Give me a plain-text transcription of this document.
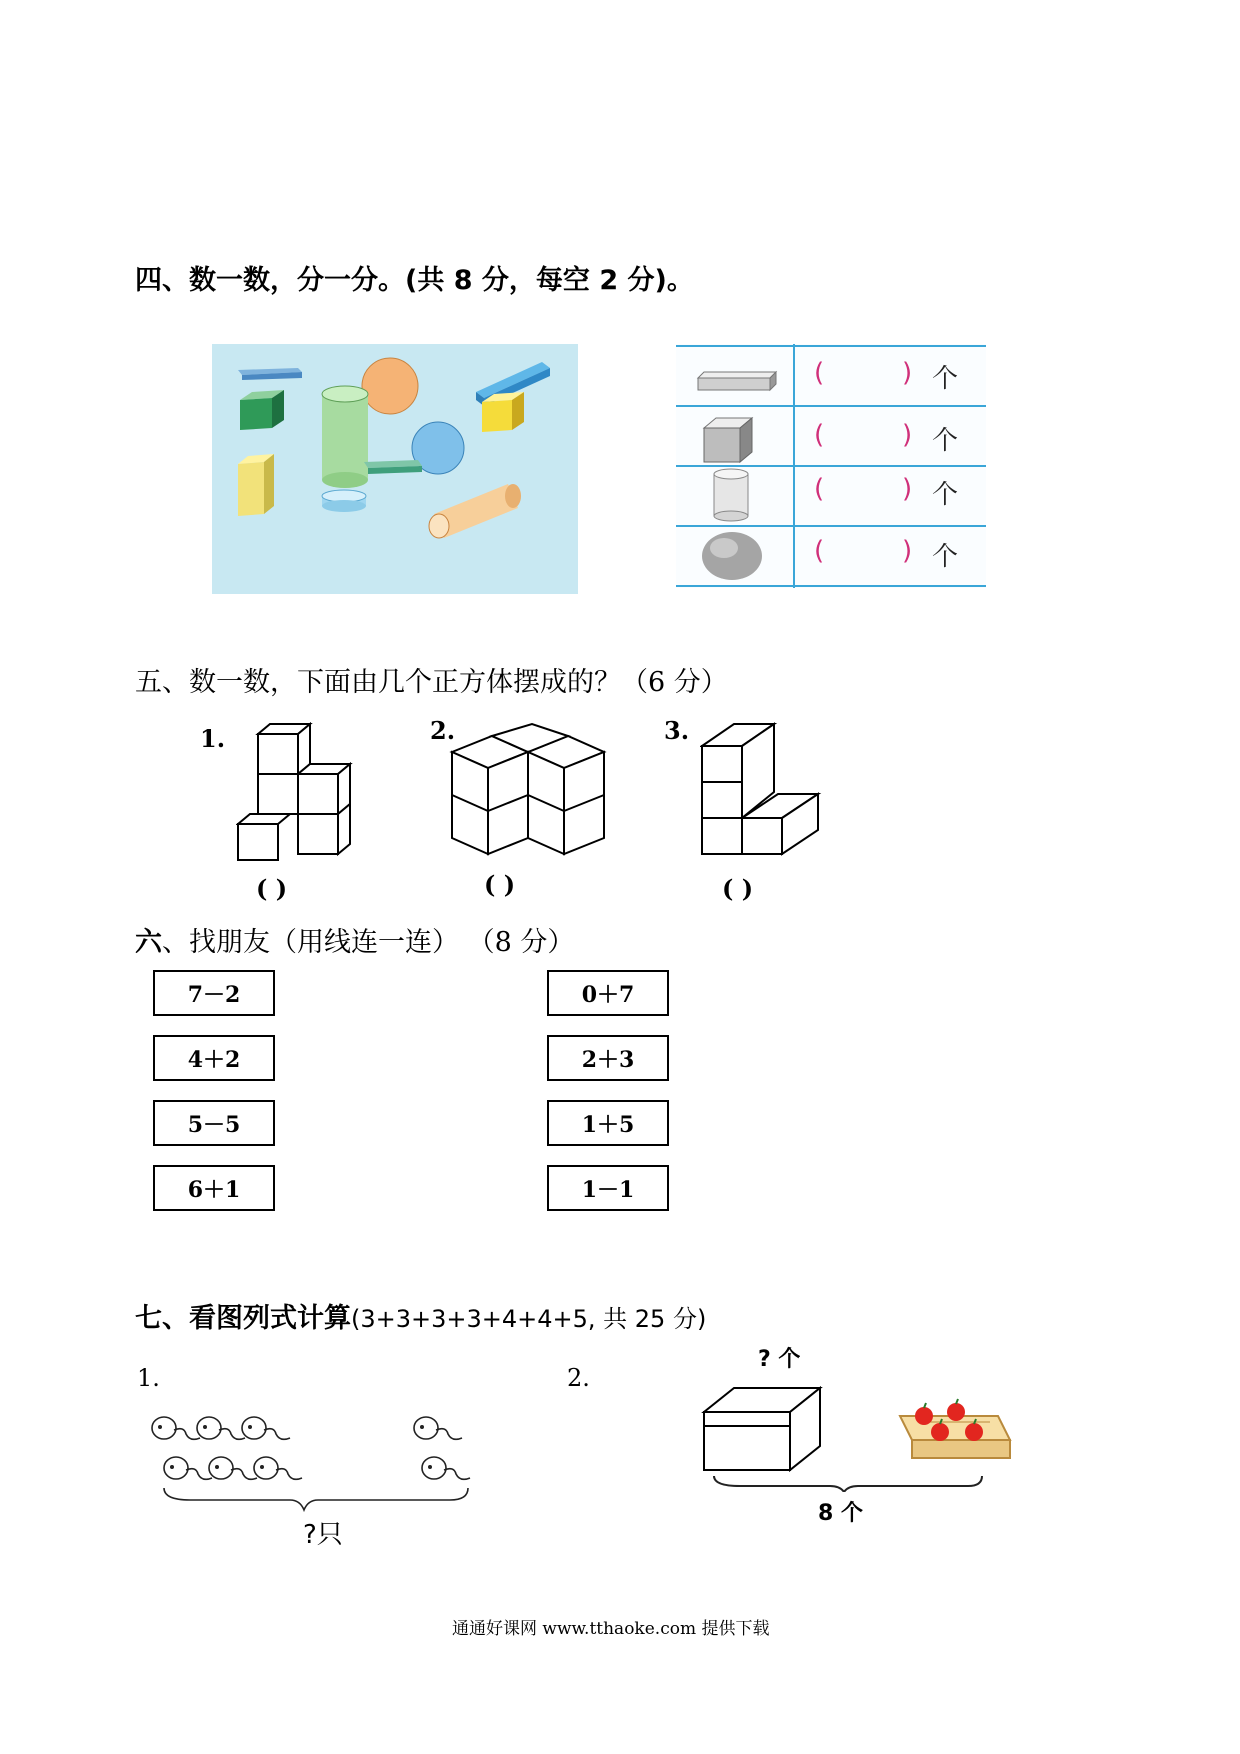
四、数一数，分一分。(共 8 分，每空 2 分)。
(	) 个
(	) 个
(	) 个
(	) 个
五、数一数，下面由几个正方体摆成的？（6 分）
1.
( )
2.
( )
3.
( )
六、找朋友（用线连一连） （8 分）
7－2
4＋2
5－5
6＋1
0＋7
2＋3
1＋5
1－1
七、看图列式计算(3+3+3+3+4+4+5, 共 25 分)
1.
?只
2.
? 个
8 个
通通好课网 www.tthaoke.com 提供下载
